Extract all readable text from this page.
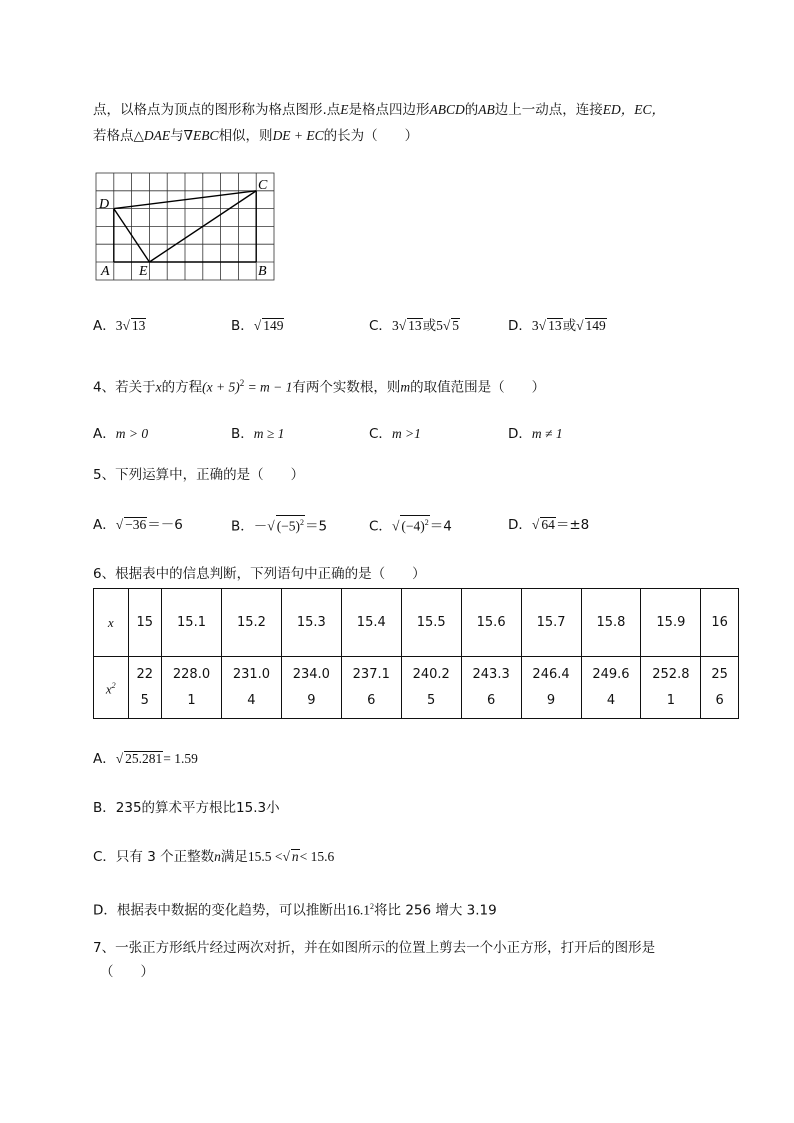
点，以格点为顶点的图形称为格点图形.点E是格点四边形ABCD的AB边上一动点，连接ED，EC，
若格点△DAE与∇EBC相似，则DE + EC的长为（　　）
D
C
A E	B
A．3√ 13	B．√ 149	C．3√ 13或5√ 5	D．3√ 13或√ 149
4、若关于x的方程$(x + 5)^2 = m - 1$有两个实数根，则m的取值范围是（　　）
A．m > 0	B．m ≥ 1	C．m >1	D．m ≠ 1
5、下列运算中，正确的是（　　）
A．√ −36＝－6	B．－√ $(-5)^2=5$	C．√ $(-4)^2=4$	D．√ 64＝±8
6、根据表中的信息判断，下列语句中正确的是（　　）
x	15	15.1	15.2	15.3	15.4	15.5	15.6	15.7	15.8	15.9	16
$x^2$	225	228.01	231.04	234.09	237.16	240.25	243.36	246.49	249.64	252.81	256
A．√ 25.281= 1.59
B．235的算术平方根比15.3小
C．只有 3 个正整数n满足15.5 <√ n< 15.6
D．根据表中数据的变化趋势，可以推断出16.1$^2$将比 256 增大 3.19
7、一张正方形纸片经过两次对折，并在如图所示的位置上剪去一个小正方形，打开后的图形是
（　　）
